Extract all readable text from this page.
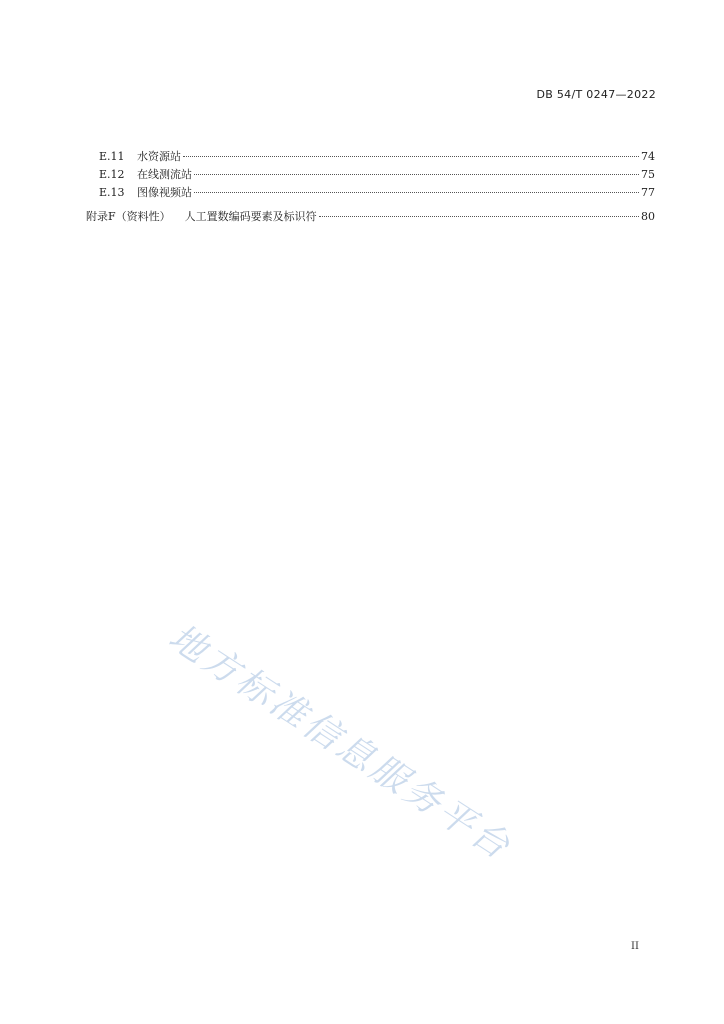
DB 54/T 0247—2022
E.11	水资源站	74
E.12	在线测流站	75
E.13	图像视频站	77
附录F（资料性） 人工置数编码要素及标识符	80
地方标准信息服务平台
II
